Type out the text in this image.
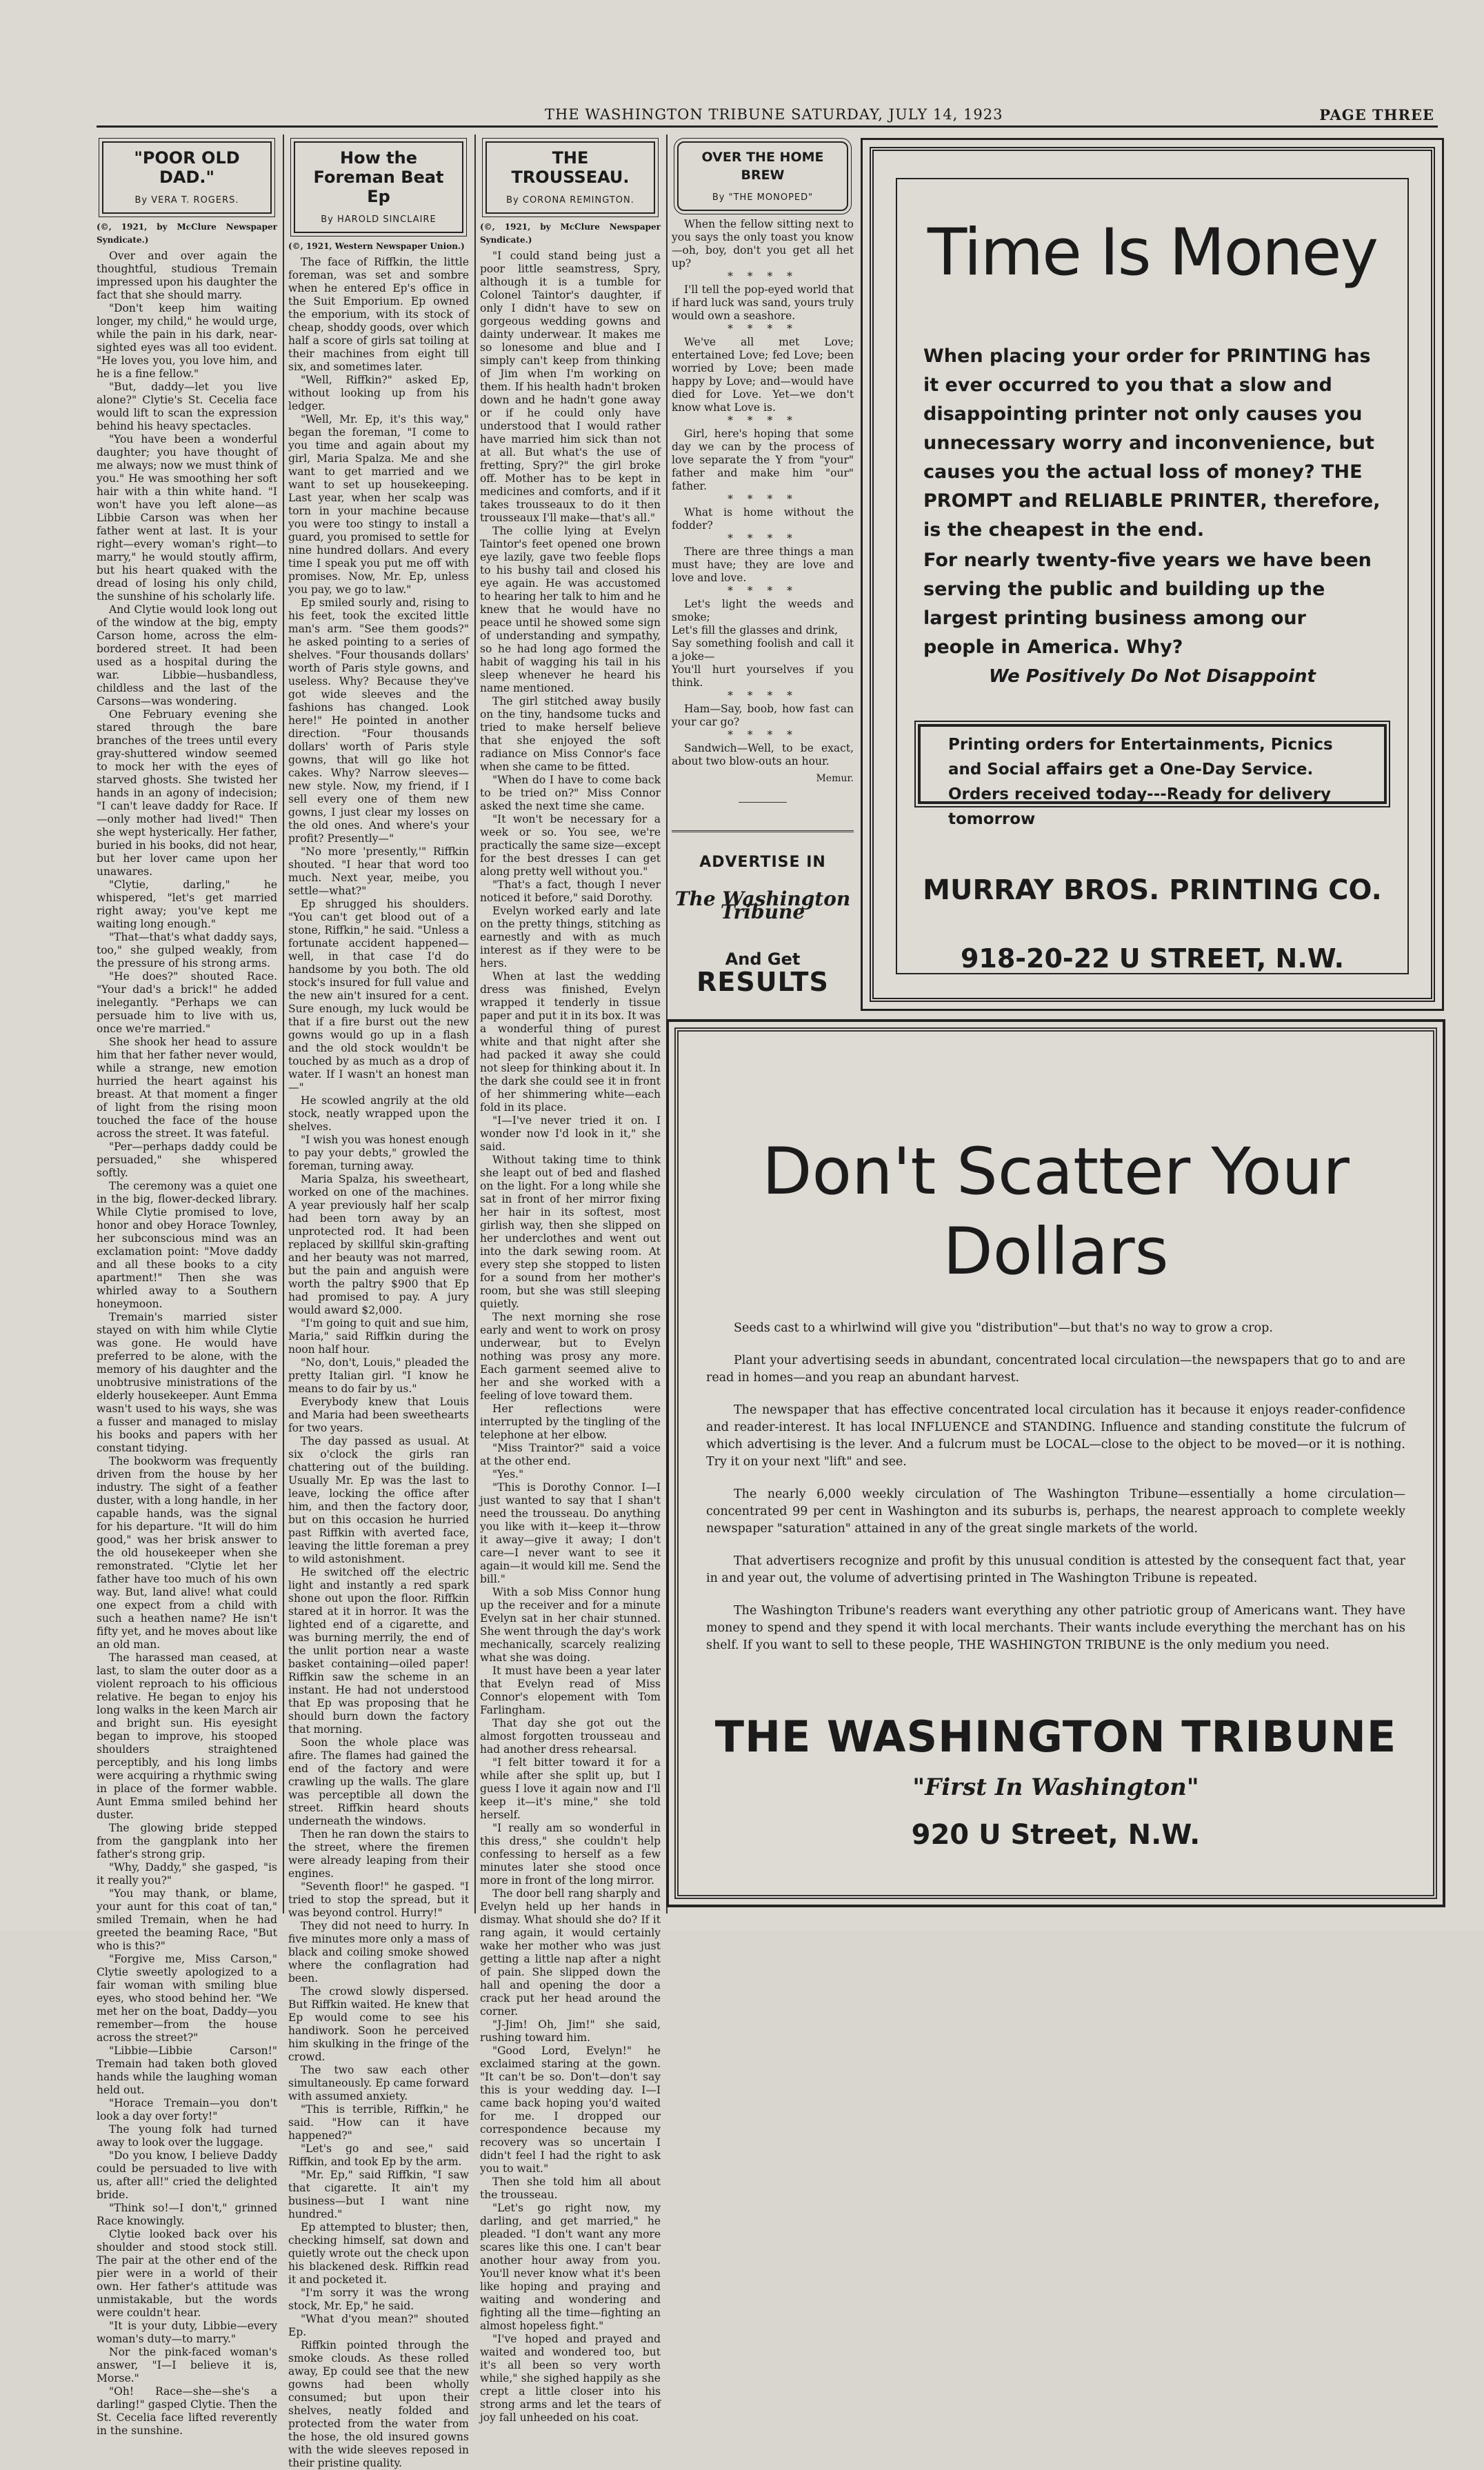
THE WASHINGTON TRIBUNE SATURDAY, JULY 14, 1923	PAGE THREE
"POOR OLD DAD."
By VERA T. ROGERS.
(©, 1921, by McClure Newspaper Syndicate.)

Over and over again the thoughtful, studious Tremain impressed upon his daughter the fact that she should marry.

"Don't keep him waiting longer, my child," he would urge, while the pain in his dark, near-sighted eyes was all too evident. "He loves you, you love him, and he is a fine fellow."

"But, daddy—let you live alone?" Clytie's St. Cecelia face would lift to scan the expression behind his heavy spectacles.

"You have been a wonderful daughter; you have thought of me always; now we must think of you." He was smoothing her soft hair with a thin white hand. "I won't have you left alone—as Libbie Carson was when her father went at last. It is your right—every woman's right—to marry," he would stoutly affirm, but his heart quaked with the dread of losing his only child, the sunshine of his scholarly life.

And Clytie would look long out of the window at the big, empty Carson home, across the elm-bordered street. It had been used as a hospital during the war. Libbie—husbandless, childless and the last of the Carsons—was wondering.

One February evening she stared through the bare branches of the trees until every gray-shuttered window seemed to mock her with the eyes of starved ghosts. She twisted her hands in an agony of indecision; "I can't leave daddy for Race. If—only mother had lived!" Then she wept hysterically. Her father, buried in his books, did not hear, but her lover came upon her unawares.

"Clytie, darling," he whispered, "let's get married right away; you've kept me waiting long enough."

"That—that's what daddy says, too," she gulped weakly, from the pressure of his strong arms.

"He does?" shouted Race. "Your dad's a brick!" he added inelegantly. "Perhaps we can persuade him to live with us, once we're married."

She shook her head to assure him that her father never would, while a strange, new emotion hurried the heart against his breast. At that moment a finger of light from the rising moon touched the face of the house across the street. It was fateful.

"Per—perhaps daddy could be persuaded," she whispered softly.

The ceremony was a quiet one in the big, flower-decked library. While Clytie promised to love, honor and obey Horace Townley, her subconscious mind was an exclamation point: "Move daddy and all these books to a city apartment!" Then she was whirled away to a Southern honeymoon.

Tremain's married sister stayed on with him while Clytie was gone. He would have preferred to be alone, with the memory of his daughter and the unobtrusive ministrations of the elderly housekeeper. Aunt Emma wasn't used to his ways, she was a fusser and managed to mislay his books and papers with her constant tidying.

The bookworm was frequently driven from the house by her industry. The sight of a feather duster, with a long handle, in her capable hands, was the signal for his departure. "It will do him good," was her brisk answer to the old housekeeper when she remonstrated. "Clytie let her father have too much of his own way. But, land alive! what could one expect from a child with such a heathen name? He isn't fifty yet, and he moves about like an old man.

The harassed man ceased, at last, to slam the outer door as a violent reproach to his officious relative. He began to enjoy his long walks in the keen March air and bright sun. His eyesight began to improve, his stooped shoulders straightened perceptibly, and his long limbs were acquiring a rhythmic swing in place of the former wabble. Aunt Emma smiled behind her duster.

The glowing bride stepped from the gangplank into her father's strong grip.

"Why, Daddy," she gasped, "is it really you?"

"You may thank, or blame, your aunt for this coat of tan," smiled Tremain, when he had greeted the beaming Race, "But who is this?"

"Forgive me, Miss Carson," Clytie sweetly apologized to a fair woman with smiling blue eyes, who stood behind her. "We met her on the boat, Daddy—you remember—from the house across the street?"

"Libbie—Libbie Carson!" Tremain had taken both gloved hands while the laughing woman held out.

"Horace Tremain—you don't look a day over forty!"

The young folk had turned away to look over the luggage.

"Do you know, I believe Daddy could be persuaded to live with us, after all!" cried the delighted bride.

"Think so!—I don't," grinned Race knowingly.

Clytie looked back over his shoulder and stood stock still. The pair at the other end of the pier were in a world of their own. Her father's attitude was unmistakable, but the words were couldn't hear.

"It is your duty, Libbie—every woman's duty—to marry."

Nor the pink-faced woman's answer, "I—I believe it is, Morse."

"Oh! Race—she—she's a darling!" gasped Clytie. Then the St. Cecelia face lifted reverently in the sunshine.

How the Foreman Beat Ep
By HAROLD SINCLAIRE
(©, 1921, Western Newspaper Union.)

The face of Riffkin, the little foreman, was set and sombre when he entered Ep's office in the Suit Emporium. Ep owned the emporium, with its stock of cheap, shoddy goods, over which half a score of girls sat toiling at their machines from eight till six, and sometimes later.

"Well, Riffkin?" asked Ep, without looking up from his ledger.

"Well, Mr. Ep, it's this way," began the foreman, "I come to you time and again about my girl, Maria Spalza. Me and she want to get married and we want to set up housekeeping. Last year, when her scalp was torn in your machine because you were too stingy to install a guard, you promised to settle for nine hundred dollars. And every time I speak you put me off with promises. Now, Mr. Ep, unless you pay, we go to law."

Ep smiled sourly and, rising to his feet, took the excited little man's arm. "See them goods?" he asked pointing to a series of shelves. "Four thousands dollars' worth of Paris style gowns, and useless. Why? Because they've got wide sleeves and the fashions has changed. Look here!" He pointed in another direction. "Four thousands dollars' worth of Paris style gowns, that will go like hot cakes. Why? Narrow sleeves—new style. Now, my friend, if I sell every one of them new gowns, I just clear my losses on the old ones. And where's your profit? Presently—"

"No more 'presently,'" Riffkin shouted. "I hear that word too much. Next year, meibe, you settle—what?"

Ep shrugged his shoulders. "You can't get blood out of a stone, Riffkin," he said. "Unless a fortunate accident happened—well, in that case I'd do handsome by you both. The old stock's insured for full value and the new ain't insured for a cent. Sure enough, my luck would be that if a fire burst out the new gowns would go up in a flash and the old stock wouldn't be touched by as much as a drop of water. If I wasn't an honest man—"

He scowled angrily at the old stock, neatly wrapped upon the shelves.

"I wish you was honest enough to pay your debts," growled the foreman, turning away.

Maria Spalza, his sweetheart, worked on one of the machines. A year previously half her scalp had been torn away by an unprotected rod. It had been replaced by skillful skin-grafting and her beauty was not marred, but the pain and anguish were worth the paltry $900 that Ep had promised to pay. A jury would award $2,000.

"I'm going to quit and sue him, Maria," said Riffkin during the noon half hour.

"No, don't, Louis," pleaded the pretty Italian girl. "I know he means to do fair by us."

Everybody knew that Louis and Maria had been sweethearts for two years.

The day passed as usual. At six o'clock the girls ran chattering out of the building. Usually Mr. Ep was the last to leave, locking the office after him, and then the factory door, but on this occasion he hurried past Riffkin with averted face, leaving the little foreman a prey to wild astonishment.

He switched off the electric light and instantly a red spark shone out upon the floor. Riffkin stared at it in horror. It was the lighted end of a cigarette, and was burning merrily, the end of the unlit portion near a waste basket containing—oiled paper! Riffkin saw the scheme in an instant. He had not understood that Ep was proposing that he should burn down the factory that morning.

Soon the whole place was afire. The flames had gained the end of the factory and were crawling up the walls. The glare was perceptible all down the street. Riffkin heard shouts underneath the windows.

Then he ran down the stairs to the street, where the firemen were already leaping from their engines.

"Seventh floor!" he gasped. "I tried to stop the spread, but it was beyond control. Hurry!"

They did not need to hurry. In five minutes more only a mass of black and coiling smoke showed where the conflagration had been.

The crowd slowly dispersed. But Riffkin waited. He knew that Ep would come to see his handiwork. Soon he perceived him skulking in the fringe of the crowd.

The two saw each other simultaneously. Ep came forward with assumed anxiety.

"This is terrible, Riffkin," he said. "How can it have happened?"

"Let's go and see," said Riffkin, and took Ep by the arm.

"Mr. Ep," said Riffkin, "I saw that cigarette. It ain't my business—but I want nine hundred."

Ep attempted to bluster; then, checking himself, sat down and quietly wrote out the check upon his blackened desk. Riffkin read it and pocketed it.

"I'm sorry it was the wrong stock, Mr. Ep," he said.

"What d'you mean?" shouted Ep.

Riffkin pointed through the smoke clouds. As these rolled away, Ep could see that the new gowns had been wholly consumed; but upon their shelves, neatly folded and protected from the water from the hose, the old insured gowns with the wide sleeves reposed in their pristine quality.

THE TROUSSEAU.
By CORONA REMINGTON.
(©, 1921, by McClure Newspaper Syndicate.)

"I could stand being just a poor little seamstress, Spry, although it is a tumble for Colonel Taintor's daughter, if only I didn't have to sew on gorgeous wedding gowns and dainty underwear. It makes me so lonesome and blue and I simply can't keep from thinking of Jim when I'm working on them. If his health hadn't broken down and he hadn't gone away or if he could only have understood that I would rather have married him sick than not at all. But what's the use of fretting, Spry?" the girl broke off. Mother has to be kept in medicines and comforts, and if it takes trousseaux to do it then trousseaux I'll make—that's all."

The collie lying at Evelyn Taintor's feet opened one brown eye lazily, gave two feeble flops to his bushy tail and closed his eye again. He was accustomed to hearing her talk to him and he knew that he would have no peace until he showed some sign of understanding and sympathy, so he had long ago formed the habit of wagging his tail in his sleep whenever he heard his name mentioned.

The girl stitched away busily on the tiny, handsome tucks and tried to make herself believe that she enjoyed the soft radiance on Miss Connor's face when she came to be fitted.

"When do I have to come back to be tried on?" Miss Connor asked the next time she came.

"It won't be necessary for a week or so. You see, we're practically the same size—except for the best dresses I can get along pretty well without you."

"That's a fact, though I never noticed it before," said Dorothy.

Evelyn worked early and late on the pretty things, stitching as earnestly and with as much interest as if they were to be hers.

When at last the wedding dress was finished, Evelyn wrapped it tenderly in tissue paper and put it in its box. It was a wonderful thing of purest white and that night after she had packed it away she could not sleep for thinking about it. In the dark she could see it in front of her shimmering white—each fold in its place.

"I—I've never tried it on. I wonder now I'd look in it," she said.

Without taking time to think she leapt out of bed and flashed on the light. For a long while she sat in front of her mirror fixing her hair in its softest, most girlish way, then she slipped on her underclothes and went out into the dark sewing room. At every step she stopped to listen for a sound from her mother's room, but she was still sleeping quietly.

The next morning she rose early and went to work on prosy underwear, but to Evelyn nothing was prosy any more. Each garment seemed alive to her and she worked with a feeling of love toward them.

Her reflections were interrupted by the tingling of the telephone at her elbow.

"Miss Traintor?" said a voice at the other end.

"Yes."

"This is Dorothy Connor. I—I just wanted to say that I shan't need the trousseau. Do anything you like with it—keep it—throw it away—give it away; I don't care—I never want to see it again—it would kill me. Send the bill."

With a sob Miss Connor hung up the receiver and for a minute Evelyn sat in her chair stunned. She went through the day's work mechanically, scarcely realizing what she was doing.

It must have been a year later that Evelyn read of Miss Connor's elopement with Tom Farlingham.

That day she got out the almost forgotten trousseau and had another dress rehearsal.

"I felt bitter toward it for a while after she split up, but I guess I love it again now and I'll keep it—it's mine," she told herself.

"I really am so wonderful in this dress," she couldn't help confessing to herself as a few minutes later she stood once more in front of the long mirror.

The door bell rang sharply and Evelyn held up her hands in dismay. What should she do? If it rang again, it would certainly wake her mother who was just getting a little nap after a night of pain. She slipped down the hall and opening the door a crack put her head around the corner.

"J-Jim! Oh, Jim!" she said, rushing toward him.

"Good Lord, Evelyn!" he exclaimed staring at the gown. "It can't be so. Don't—don't say this is your wedding day. I—I came back hoping you'd waited for me. I dropped our correspondence because my recovery was so uncertain I didn't feel I had the right to ask you to wait."

Then she told him all about the trousseau.

"Let's go right now, my darling, and get married," he pleaded. "I don't want any more scares like this one. I can't bear another hour away from you. You'll never know what it's been like hoping and praying and waiting and wondering and fighting all the time—fighting an almost hopeless fight."

"I've hoped and prayed and waited and wondered too, but it's all been so very worth while," she sighed happily as she crept a little closer into his strong arms and let the tears of joy fall unheeded on his coat.

OVER THE HOME BREW
By "THE MONOPED"

When the fellow sitting next to you says the only toast you know—oh, boy, don't you get all het up?

* * * *

I'll tell the pop-eyed world that if hard luck was sand, yours truly would own a seashore.

* * * *

We've all met Love; entertained Love; fed Love; been worried by Love; been made happy by Love; and—would have died for Love. Yet—we don't know what Love is.

* * * *

Girl, here's hoping that some day we can by the process of love separate the Y from "your" father and make him "our" father.

* * * *

What is home without the fodder?

* * * *

There are three things a man must have; they are love and love and love.

* * * *

Let's light the weeds and smoke;
Let's fill the glasses and drink,
Say something foolish and call it a joke—
You'll hurt yourselves if you think.

* * * *

Ham—Say, boob, how fast can your car go?

* * * *

Sandwich—Well, to be exact, about two blow-outs an hour.

Memur.
ADVERTISE IN
The Washington Tribune
And Get
RESULTS
Time Is Money
When placing your order for PRINTING has it ever occurred to you that a slow and disappointing printer not only causes you unnecessary worry and inconvenience, but causes you the actual loss of money? THE PROMPT and RELIABLE PRINTER, therefore, is the cheapest in the end.
For nearly twenty-five years we have been serving the public and building up the largest printing business among our people in America. Why?
We Positively Do Not Disappoint
Printing orders for Entertainments, Picnics and Social affairs get a One-Day Service.
Orders received today---Ready for delivery tomorrow
MURRAY BROS. PRINTING CO.
918-20-22 U STREET, N.W.
Don't Scatter Your
Dollars

Seeds cast to a whirlwind will give you "distribution"—but that's no way to grow a crop.

Plant your advertising seeds in abundant, concentrated local circulation—the newspapers that go to and are read in homes—and you reap an abundant harvest.

The newspaper that has effective concentrated local circulation has it because it enjoys reader-confidence and reader-interest. It has local INFLUENCE and STANDING. Influence and standing constitute the fulcrum of which advertising is the lever. And a fulcrum must be LOCAL—close to the object to be moved—or it is nothing. Try it on your next "lift" and see.

The nearly 6,000 weekly circulation of The Washington Tribune—essentially a home circulation—concentrated 99 per cent in Washington and its suburbs is, perhaps, the nearest approach to complete weekly newspaper "saturation" attained in any of the great single markets of the world.

That advertisers recognize and profit by this unusual condition is attested by the consequent fact that, year in and year out, the volume of advertising printed in The Washington Tribune is repeated.

The Washington Tribune's readers want everything any other patriotic group of Americans want. They have money to spend and they spend it with local merchants. Their wants include everything the merchant has on his shelf. If you want to sell to these people, THE WASHINGTON TRIBUNE is the only medium you need.

THE WASHINGTON TRIBUNE
"First In Washington"
920 U Street, N.W.
